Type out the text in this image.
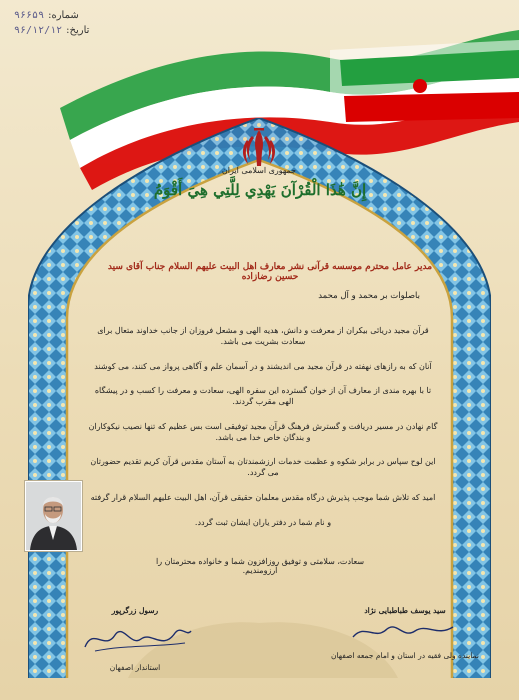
شماره:
۹۶۶۵۹
تاریخ:
۹۶/۱۲/۱۲
جمهوری اسلامی ایران
إِنَّ هَٰذَا الْقُرْآنَ يَهْدِي لِلَّتِي هِيَ أَقْوَمُ
مدیر عامل محترم موسسه قرآنی نشر معارف اهل البیت علیهم السلام جناب آقای سید حسین رضازاده
باصلوات بر محمد و آل محمد

قرآن مجید دریائی بیکران از معرفت و دانش، هدیه الهی و مشعل فروزان از جانب خداوند متعال برای سعادت بشریت می باشد.

آنان که به رازهای نهفته در قرآن مجید می اندیشند و در آسمان علم و آگاهی پرواز می کنند، می کوشند

تا با بهره مندی از معارف آن از خوان گسترده این سفره الهی، سعادت و معرفت را کسب و در پیشگاه الهی مقرب گردند.

گام نهادن در مسیر دریافت و گسترش فرهنگ قرآن مجید توفیقی است بس عظیم که تنها نصیب نیکوکاران و بندگان خاص خدا می باشد.

این لوح سپاس در برابر شکوه و عظمت خدمات ارزشمندتان به آستان مقدس قرآن کریم تقدیم حضورتان می گردد.

امید که تلاش شما موجب پذیرش درگاه مقدس معلمان حقیقی قرآن، اهل البیت علیهم السلام قرار گرفته

و نام شما در دفتر یاران ایشان ثبت گردد.

سعادت، سلامتی و توفیق روزافزون شما و خانواده محترمتان را آرزومندیم.
سید یوسف طباطبایی نژاد
نماینده ولی فقیه در استان و امام جمعه اصفهان
رسول زرگرپور
استاندار اصفهان
